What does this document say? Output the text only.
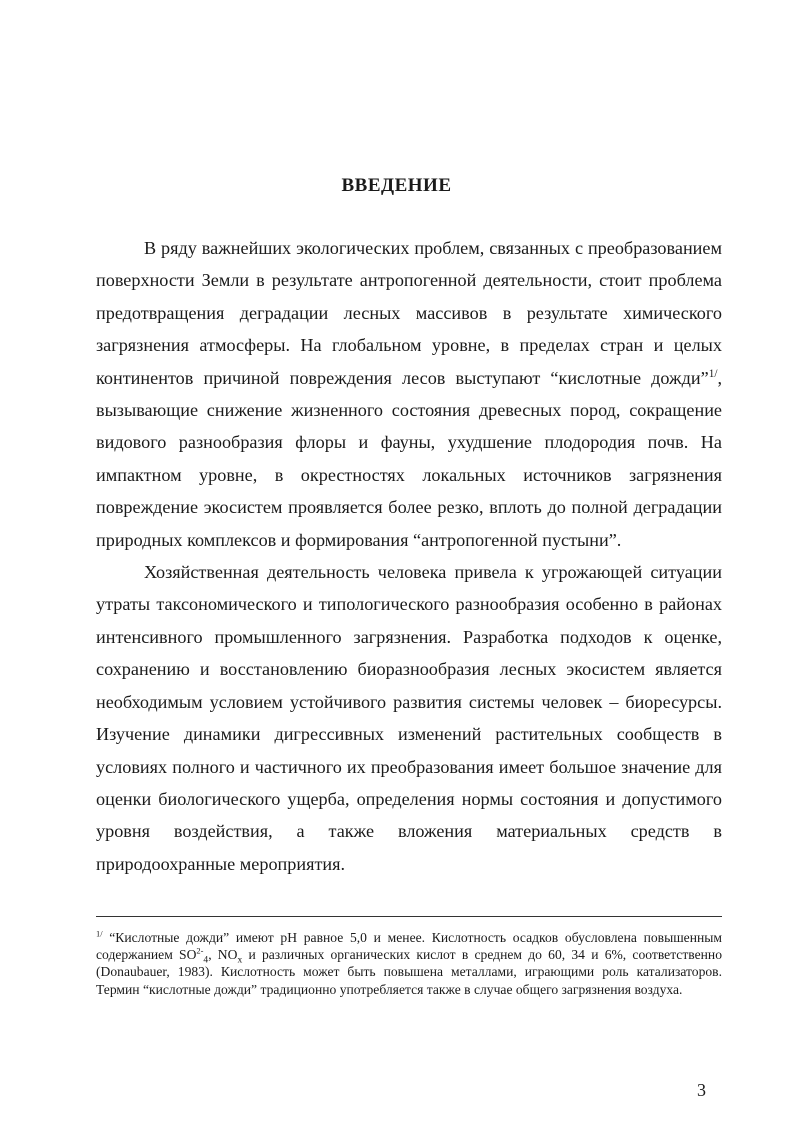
ВВЕДЕНИЕ

В ряду важнейших экологических проблем, связанных с преобразованием поверхности Земли в результате антропогенной деятельности, стоит проблема предотвращения деградации лесных массивов в результате химического загрязнения атмосферы. На глобальном уровне, в пределах стран и целых континентов причиной повреждения лесов выступают “кислотные дожди”$^{1/}$, вызывающие снижение жизненного состояния древесных пород, сокращение видового разнообразия флоры и фауны, ухудшение плодородия почв. На импактном уровне, в окрестностях локальных источников загрязнения повреждение экосистем проявляется более резко, вплоть до полной деградации природных комплексов и формирования “антропогенной пустыни”.

Хозяйственная деятельность человека привела к угрожающей ситуации утраты таксономического и типологического разнообразия особенно в районах интенсивного промышленного загрязнения. Разработка подходов к оценке, сохранению и восстановлению биоразнообразия лесных экосистем является необходимым условием устойчивого развития системы человек – биоресурсы. Изучение динамики дигрессивных изменений растительных сообществ в условиях полного и частичного их преобразования имеет большое значение для оценки биологического ущерба, определения нормы состояния и допустимого уровня воздействия, а также вложения материальных средств в природоохранные мероприятия.

$^{1/}$ “Кислотные дожди” имеют pH равное 5,0 и менее. Кислотность осадков обусловлена повышенным содержанием $SO^{2-}_4$, $NO_x$ и различных органических кислот в среднем до 60, 34 и 6%, соответственно (Donaubauer, 1983). Кислотность может быть повышена металлами, играющими роль катализаторов. Термин “кислотные дожди” традиционно употребляется также в случае общего загрязнения воздуха.
3
